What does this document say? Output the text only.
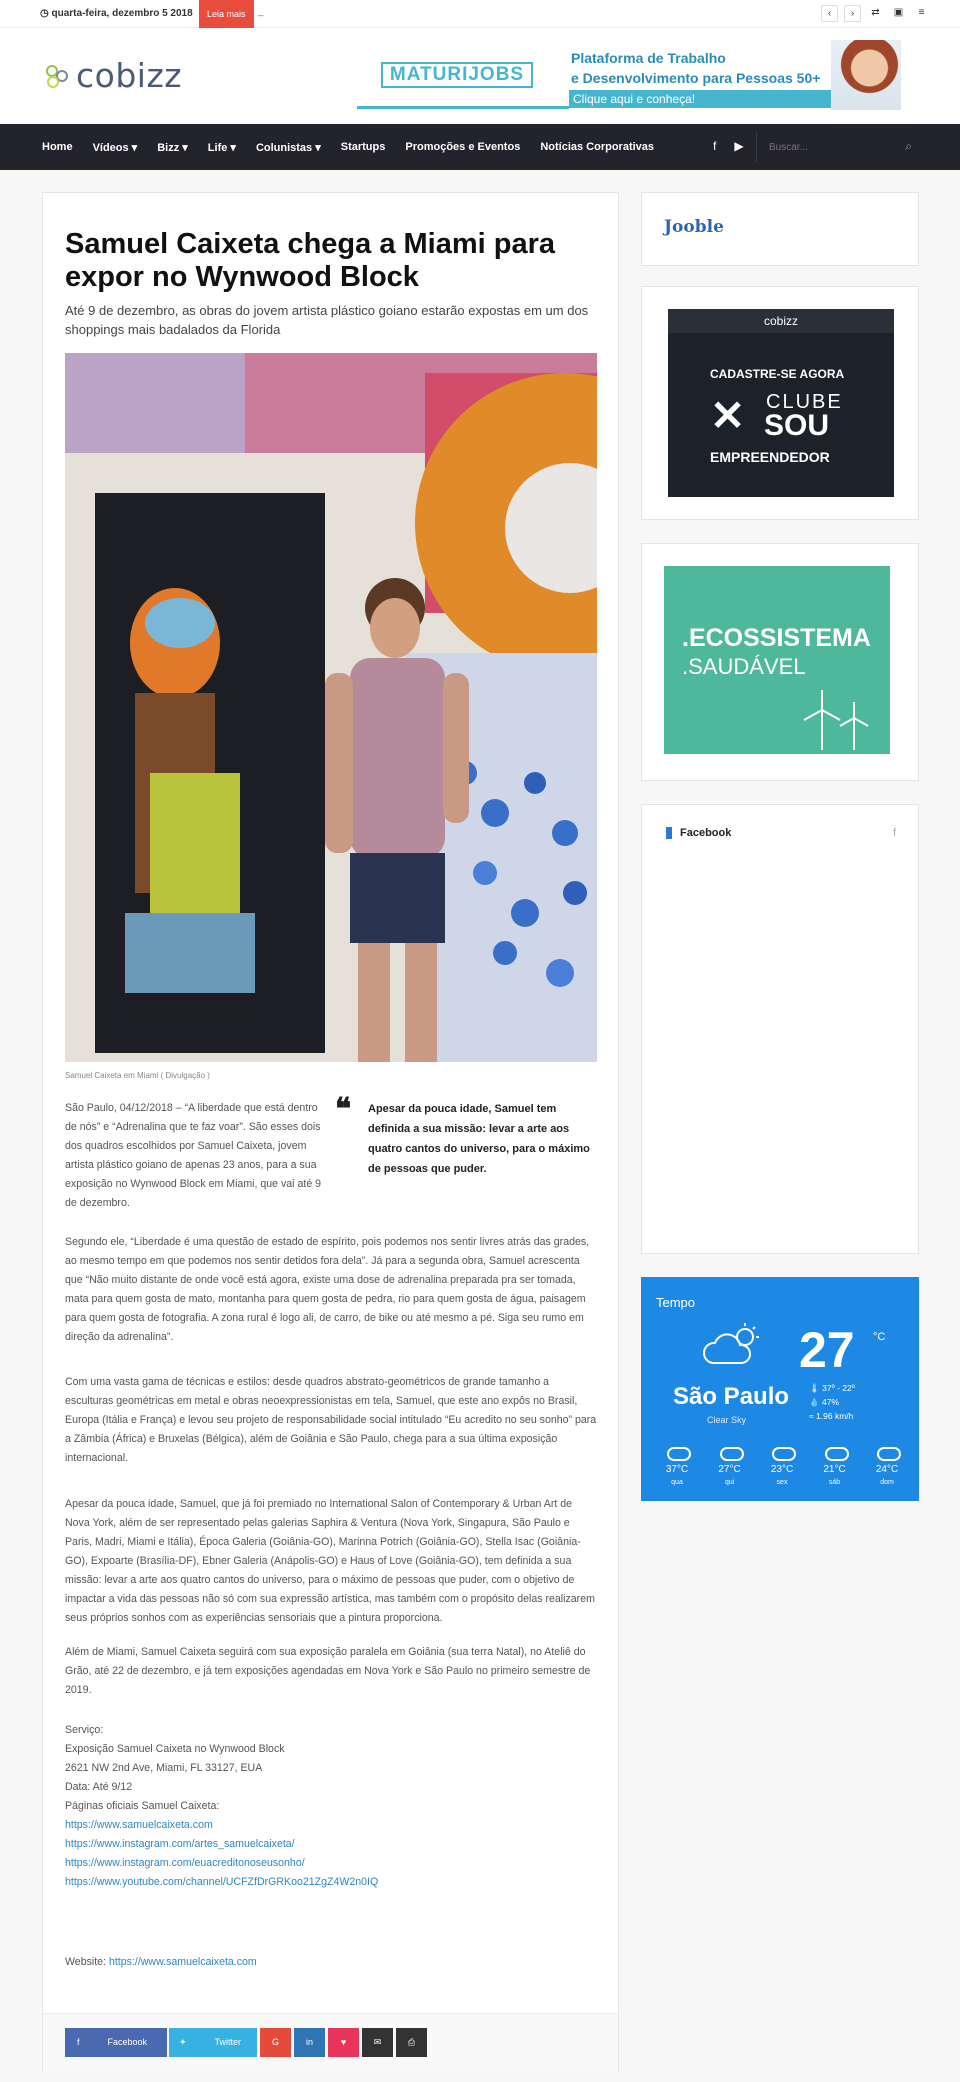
◷ quarta-feira, dezembro 5 2018	Leia mais	_	‹	›	⇄	▣	≡
cobizz	MATURIJOBS
Plataforma de Trabalho
e Desenvolvimento para Pessoas 50+
Clique aqui e conheça!
Home Vídeos ▾ Bizz ▾ Life ▾ Colunistas ▾ Startups Promoções e Eventos Notícias Corporativas	f ▶
Buscar...	⌕
Samuel Caixeta chega a Miami para expor no Wynwood Block

Até 9 de dezembro, as obras do jovem artista plástico goiano estarão expostas em um dos shoppings mais badalados da Florida

Samuel Caixeta em Miami ( Divulgação )

São Paulo, 04/12/2018 – “A liberdade que está dentro de nós” e “Adrenalina que te faz voar”. São esses dois dos quadros escolhidos por Samuel Caixeta, jovem artista plástico goiano de apenas 23 anos, para a sua exposição no Wynwood Block em Miami, que vai até 9 de dezembro.

❝ Apesar da pouca idade, Samuel tem definida a sua missão: levar a arte aos quatro cantos do universo, para o máximo de pessoas que puder.

Segundo ele, “Liberdade é uma questão de estado de espírito, pois podemos nos sentir livres atrás das grades, ao mesmo tempo em que podemos nos sentir detidos fora dela”. Já para a segunda obra, Samuel acrescenta que “Não muito distante de onde você está agora, existe uma dose de adrenalina preparada pra ser tomada, mata para quem gosta de mato, montanha para quem gosta de pedra, rio para quem gosta de água, paisagem para quem gosta de fotografia. A zona rural é logo ali, de carro, de bike ou até mesmo a pé. Siga seu rumo em direção da adrenalina”.

Com uma vasta gama de técnicas e estilos: desde quadros abstrato-geométricos de grande tamanho a esculturas geométricas em metal e obras neoexpressionistas em tela, Samuel, que este ano expôs no Brasil, Europa (Itália e França) e levou seu projeto de responsabilidade social intitulado “Eu acredito no seu sonho” para a Zâmbia (África) e Bruxelas (Bélgica), além de Goiânia e São Paulo, chega para a sua última exposição internacional.

Apesar da pouca idade, Samuel, que já foi premiado no International Salon of Contemporary & Urban Art de Nova York, além de ser representado pelas galerias Saphira & Ventura (Nova York, Singapura, São Paulo e Paris, Madri, Miami e Itália), Época Galeria (Goiânia-GO), Marinna Potrich (Goiânia-GO), Stella Isac (Goiânia-GO), Expoarte (Brasília-DF), Ebner Galeria (Anápolis-GO) e Haus of Love (Goiânia-GO), tem definida a sua missão: levar a arte aos quatro cantos do universo, para o máximo de pessoas que puder, com o objetivo de impactar a vida das pessoas não só com sua expressão artística, mas também com o propósito delas realizarem seus próprios sonhos com as experiências sensoriais que a pintura proporciona.

Além de Miami, Samuel Caixeta seguirá com sua exposição paralela em Goiânia (sua terra Natal), no Ateliê do Grão, até 22 de dezembro, e já tem exposições agendadas em Nova York e São Paulo no primeiro semestre de 2019.

Serviço:
Exposição Samuel Caixeta no Wynwood Block
2621 NW 2nd Ave, Miami, FL 33127, EUA
Data: Até 9/12
Páginas oficiais Samuel Caixeta:
https://www.samuelcaixeta.com
https://www.instagram.com/artes_samuelcaixeta/
https://www.instagram.com/euacreditonoseusonho/
https://www.youtube.com/channel/UCFZfDrGRKoo21ZgZ4W2n0IQ
Website: https://www.samuelcaixeta.com
f	Facebook	✦	Twitter	G	in	♥	✉	⎙
Jooble
cobizz
CADASTRE-SE AGORA
✕ CLUBE
SOU
EMPREENDEDOR
.ECOSSISTEMA
.SAUDÁVEL
Facebook	f
Tempo
27 °C
São Paulo
Clear Sky
🌡 37º - 22º
💧 47%
≈ 1.96 km/h
37°C
qua
27°C
qui
23°C
sex
21°C
sáb
24°C
dom
